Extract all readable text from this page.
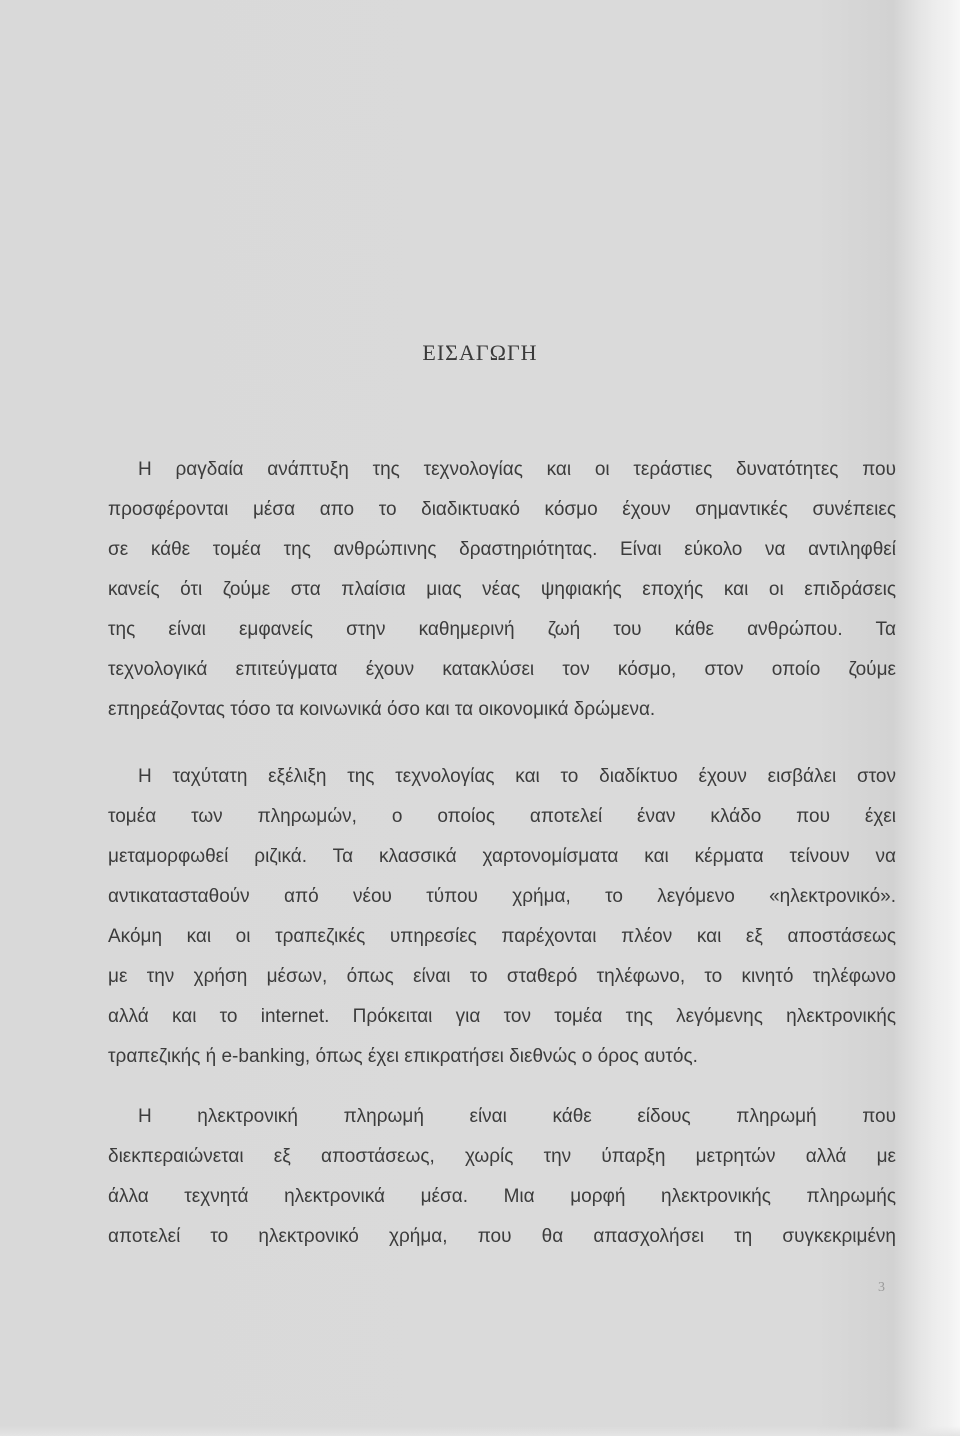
ΕΙΣΑΓΩΓΗ
Η ραγδαία ανάπτυξη της τεχνολογίας και οι τεράστιες δυνατότητες που
προσφέρονται μέσα απο το διαδικτυακό κόσμο έχουν σημαντικές συνέπειες
σε κάθε τομέα της ανθρώπινης δραστηριότητας. Είναι εύκολο να αντιληφθεί
κανείς ότι ζούμε στα πλαίσια μιας νέας ψηφιακής εποχής και οι επιδράσεις
της είναι εμφανείς στην καθημερινή ζωή του κάθε ανθρώπου. Τα
τεχνολογικά επιτεύγματα έχουν κατακλύσει τον κόσμο, στον οποίο ζούμε
επηρεάζοντας τόσο τα κοινωνικά όσο και τα οικονομικά δρώμενα.
Η ταχύτατη εξέλιξη της τεχνολογίας και το διαδίκτυο έχουν εισβάλει στον
τομέα των πληρωμών, ο οποίος αποτελεί έναν κλάδο που έχει
μεταμορφωθεί ριζικά. Τα κλασσικά χαρτονομίσματα και κέρματα τείνουν να
αντικατασταθούν από νέου τύπου χρήμα, το λεγόμενο «ηλεκτρονικό».
Ακόμη και οι τραπεζικές υπηρεσίες παρέχονται πλέον και εξ αποστάσεως
με την χρήση μέσων, όπως είναι το σταθερό τηλέφωνο, το κινητό τηλέφωνο
αλλά και το internet. Πρόκειται για τον τομέα της λεγόμενης ηλεκτρονικής
τραπεζικής ή e-banking, όπως έχει επικρατήσει διεθνώς ο όρος αυτός.
Η ηλεκτρονική πληρωμή είναι κάθε είδους πληρωμή που
διεκπεραιώνεται εξ αποστάσεως, χωρίς την ύπαρξη μετρητών αλλά με
άλλα τεχνητά ηλεκτρονικά μέσα. Μια μορφή ηλεκτρονικής πληρωμής
αποτελεί το ηλεκτρονικό χρήμα, που θα απασχολήσει τη συγκεκριμένη
3
